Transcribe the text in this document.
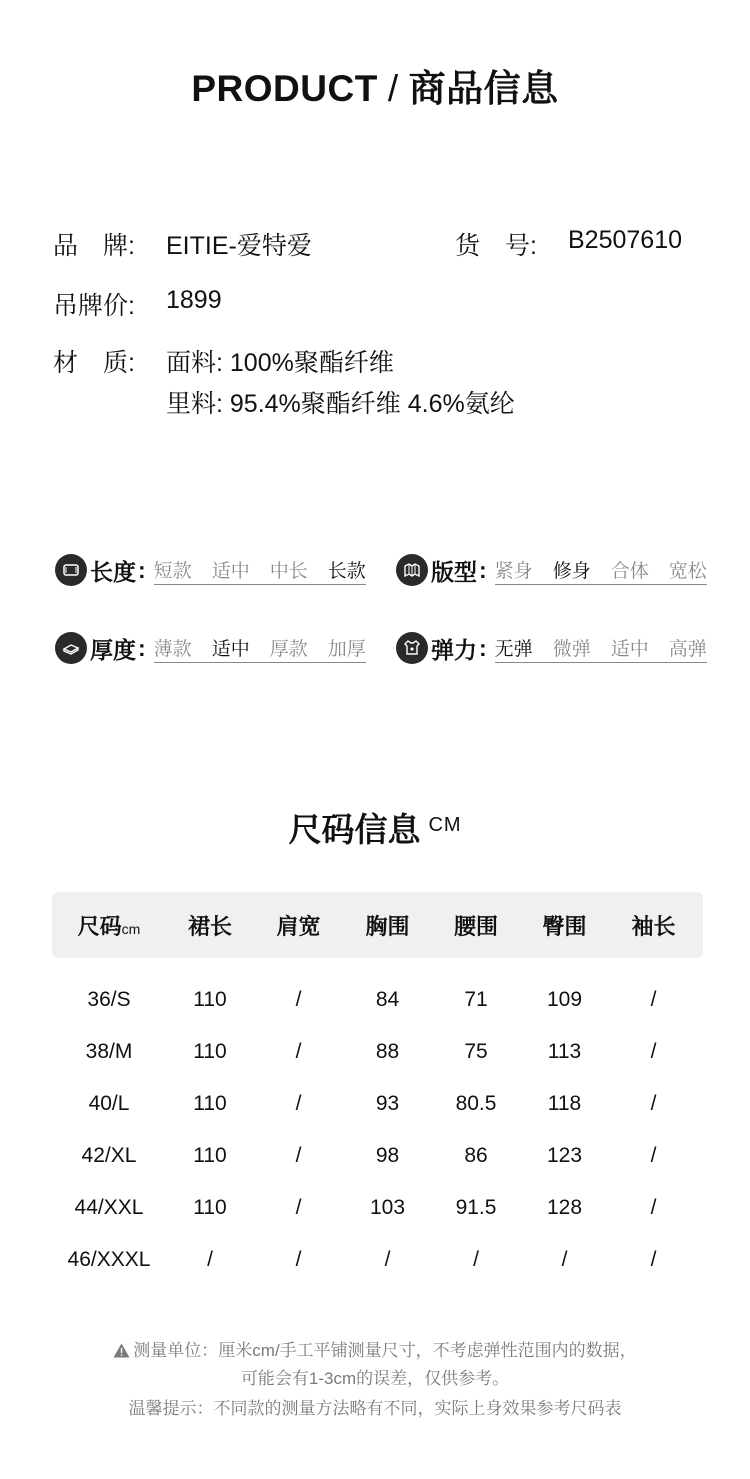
PRODUCT / 商品信息
品　牌: EITIE-爱特爱	货　号: B2507610
吊牌价: 1899
材　质: 面料: 100%聚酯纤维
里料: 95.4%聚酯纤维 4.6%氨纶
长度 : 短款 适中 中长 长款	版型 : 紧身 修身 合体 宽松
厚度 : 薄款 适中 厚款 加厚	弹力 : 无弹 微弹 适中 高弹
尺码信息 $^{CM}$
尺码cm	裙长	肩宽	胸围	腰围	臀围	袖长
36/S	110	/	84	71	109	/
38/M	110	/	88	75	113	/
40/L	110	/	93	80.5	118	/
42/XL	110	/	98	86	123	/
44/XXL	110	/	103	91.5	128	/
46/XXXL	/	/	/	/	/	/
测量单位：厘米cm/手工平铺测量尺寸，不考虑弹性范围内的数据，
可能会有1-3cm的误差，仅供参考。
温馨提示：不同款的测量方法略有不同，实际上身效果参考尺码表
